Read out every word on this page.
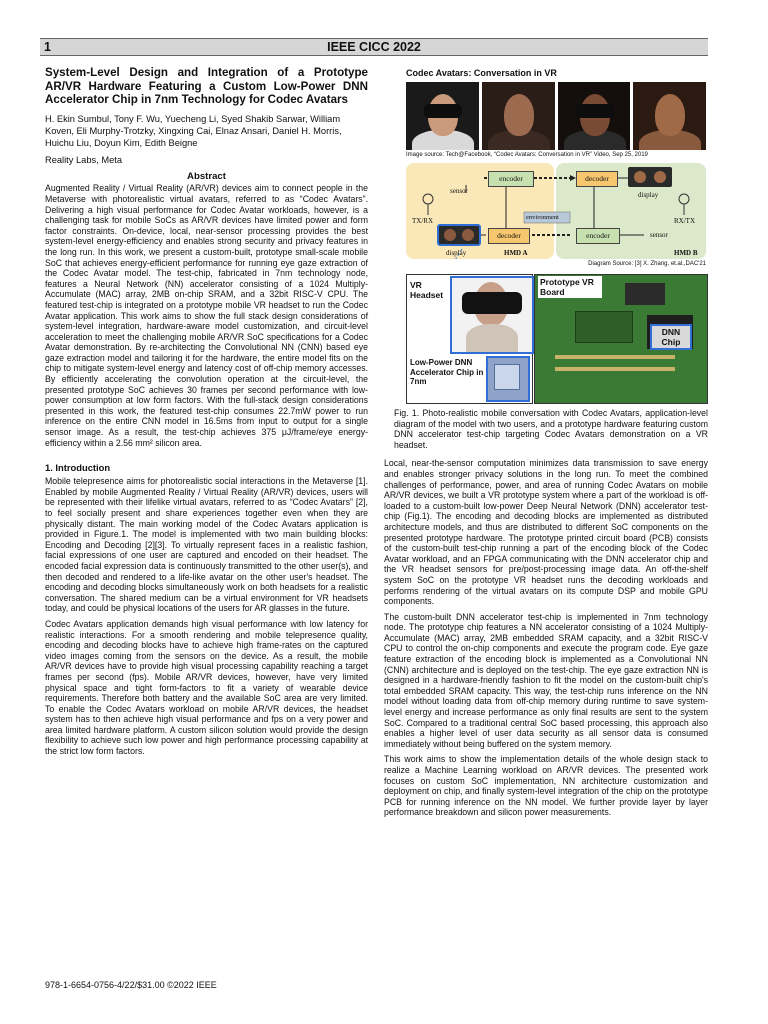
1	IEEE CICC 2022

System-Level Design and Integration of a Prototype AR/VR Hardware Featuring a Custom Low-Power DNN Accelerator Chip in 7nm Technology for Codec Avatars

H. Ekin Sumbul, Tony F. Wu, Yuecheng Li, Syed Shakib Sarwar, William Koven, Eli Murphy-Trotzky, Xingxing Cai, Elnaz Ansari, Daniel H. Morris, Huichu Liu, Doyun Kim, Edith Beigne

Reality Labs, Meta

Abstract

Augmented Reality / Virtual Reality (AR/VR) devices aim to connect people in the Metaverse with photorealistic virtual avatars, referred to as “Codec Avatars”. Delivering a high visual performance for Codec Avatar workloads, however, is a challenging task for mobile SoCs as AR/VR devices have limited power and form factor constraints. On-device, local, near-sensor processing provides the best system-level energy-efficiency and enables strong security and privacy features in the long run. In this work, we present a custom-built, prototype small-scale mobile SoC that achieves energy-efficient performance for running eye gaze extraction of the Codec Avatar model. The test-chip, fabricated in 7nm technology node, features a Neural Network (NN) accelerator consisting of a 1024 Multiply-Accumulate (MAC) array, 2MB on-chip SRAM, and a 32bit RISC-V CPU. The featured test-chip is integrated on a prototype mobile VR headset to run the Codec Avatar application. This work aims to show the full stack design considerations of system-level integration, hardware-aware model customization, and circuit-level acceleration to meet the challenging mobile AR/VR SoC specifications for a Codec Avatar demonstration. By re-architecting the Convolutional NN (CNN) based eye gaze extraction model and tailoring it for the hardware, the entire model fits on the chip to mitigate system-level energy and latency cost of off-chip memory accesses. By efficiently accelerating the convolution operation at the circuit-level, the presented prototype SoC achieves 30 frames per second performance with low-power consumption at low form factors. With the full-stack design considerations presented in this work, the featured test-chip consumes 22.7mW power to run inference on the entire CNN model in 16.5ms from input to output for a single sensor image. As a result, the test-chip achieves 375 μJ/frame/eye energy-efficiency within a 2.56 mm² silicon area.

1. Introduction

Mobile telepresence aims for photorealistic social interactions in the Metaverse [1]. Enabled by mobile Augmented Reality / Virtual Reality (AR/VR) devices, users will be represented with their lifelike virtual avatars, referred to as “Codec Avatars” [2], to feel socially present and share experiences together even when they are physically distant. The main working model of the Codec Avatars application is provided in Figure.1. The model is implemented with two main building blocks: Encoding and Decoding [2][3]. To virtually represent faces in a realistic fashion, facial expressions of one user are captured and encoded on their headset. The encoded facial expression data is continuously transmitted to the other user(s), and then decoded and rendered to a life-like avatar on the other user's headset. The encoding and decoding blocks simultaneously work on both headsets for a realistic conversation. The shared medium can be a virtual environment for VR headsets today, and could be physical locations of the users for AR glasses in the future.

Codec Avatars application demands high visual performance with low latency for realistic interactions. For a smooth rendering and mobile telepresence quality, encoding and decoding blocks have to achieve high frame-rates on the captured video images coming from the sensors on the device. As a result, the mobile AR/VR devices have to provide high visual processing capability reaching a target frames per second (fps). Mobile AR/VR devices, however, have very limited physical space and tight form-factors to fit a variety of wearable device requirements. Therefore both battery and the available SoC area are very limited. To enable the Codec Avatars workload on mobile AR/VR devices, the headset system has to then achieve high visual performance and fps on a very power and area limited hardware platform. A custom silicon solution would provide the design flexibility to achieve such low power and high performance processing capability at the strict low form factors.

Codec Avatars: Conversation in VR
Image source: Tech@Facebook, “Codec Avatars: Conversation in VR” Video, Sep 25, 2019
encoder	decoder
encoder
decoder
sensor
sensor
display
display
environment
TX/RX	RX/TX
HMD A	HMD B
Diagram Source: [3] X. Zhang, et.al.,DAC'21
VR Headset
Low-Power DNN Accelerator Chip in 7nm
Prototype VR Board
DNN Chip

Fig. 1. Photo-realistic mobile conversation with Codec Avatars, application-level diagram of the model with two users, and a prototype hardware featuring custom DNN accelerator test-chip targeting Codec Avatars demonstration on a VR headset.

Local, near-the-sensor computation minimizes data transmission to save energy and enables stronger privacy solutions in the long run. To meet the combined challenges of performance, power, and area of running Codec Avatars on mobile AR/VR devices, we built a VR prototype system where a part of the workload is off-loaded to a custom-built low-power Deep Neural Network (DNN) accelerator test-chip (Fig.1). The encoding and decoding blocks are implemented as distributed architecture models, and thus are distributed to different SoC components on the presented prototype hardware. The prototype printed circuit board (PCB) consists of the custom-built test-chip running a part of the encoding block of the Codec Avatar workload, and an FPGA communicating with the DNN accelerator chip and the VR headset sensors for pre/post-processing image data. An off-the-shelf system SoC on the prototype VR headset runs the decoding workloads and performs rendering of the virtual avatars on its compute DSP and mobile GPU components.

The custom-built DNN accelerator test-chip is implemented in 7nm technology node. The prototype chip features a NN accelerator consisting of a 1024 Multiply-Accumulate (MAC) array, 2MB embedded SRAM capacity, and a 32bit RISC-V CPU to control the on-chip components and execute the program code. Eye gaze feature extraction of the encoding block is implemented as a Convolutional NN (CNN) architecture and is deployed on the test-chip. The eye gaze extraction NN is designed in a hardware-friendly fashion to fit the model on the custom-built chip's total embedded SRAM capacity. This way, the test-chip runs inference on the NN model without loading data from off-chip memory during runtime to save system-level energy and increase performance as only final results are sent to the system SoC. Compared to a traditional central SoC based processing, this approach also enables a higher level of user data security as all sensor data is consumed immediately without being buffered on the system memory.

This work aims to show the implementation details of the whole design stack to realize a Machine Learning workload on AR/VR devices. The presented work focuses on custom SoC implementation, NN architecture customization and deployment on chip, and finally system-level integration of the chip on the prototype PCB for running inference on the NN model. We further provide layer by layer performance breakdown and silicon power measurements.

978-1-6654-0756-4/22/$31.00 ©2022 IEEE
